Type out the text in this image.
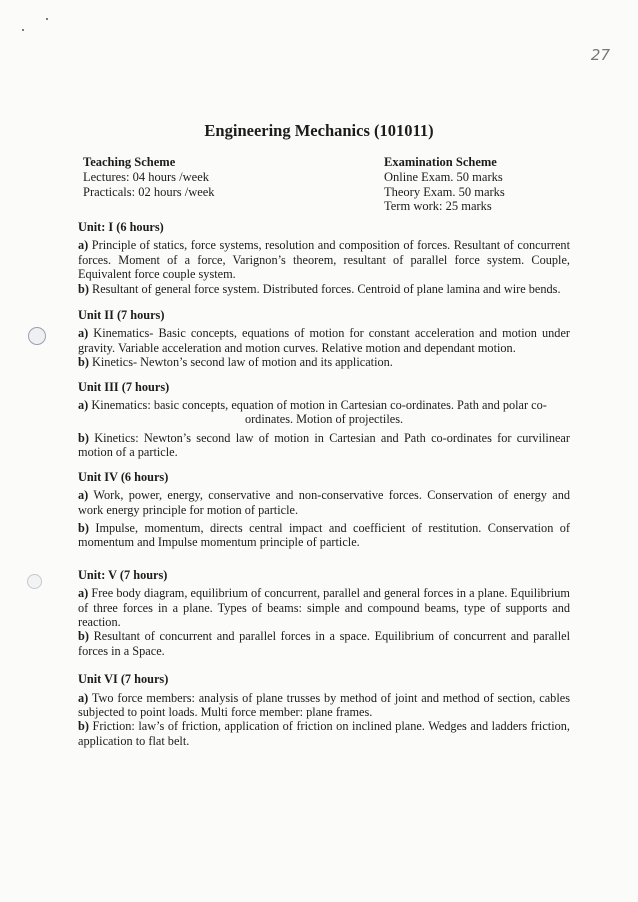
27
Engineering Mechanics (101011)
Teaching Scheme
Lectures: 04 hours /week
Practicals: 02 hours /week
Examination Scheme
Online Exam. 50 marks
Theory Exam. 50 marks
Term work: 25 marks
Unit: I (6 hours)

a) Principle of statics, force systems, resolution and composition of forces. Resultant of concurrent forces. Moment of a force, Varignon’s theorem, resultant of parallel force system. Couple, Equivalent force couple system.

b) Resultant of general force system. Distributed forces. Centroid of plane lamina and wire bends.

Unit II (7 hours)

a) Kinematics- Basic concepts, equations of motion for constant acceleration and motion under gravity. Variable acceleration and motion curves. Relative motion and dependant motion.

b) Kinetics- Newton’s second law of motion and its application.

Unit III (7 hours)

a) Kinematics: basic concepts, equation of motion in Cartesian co-ordinates. Path and polar co-

ordinates. Motion of projectiles.

b) Kinetics: Newton’s second law of motion in Cartesian and Path co-ordinates for curvilinear motion of a particle.

Unit IV (6 hours)

a) Work, power, energy, conservative and non-conservative forces. Conservation of energy and work energy principle for motion of particle.

b) Impulse, momentum, directs central impact and coefficient of restitution. Conservation of momentum and Impulse momentum principle of particle.

Unit: V (7 hours)

a) Free body diagram, equilibrium of concurrent, parallel and general forces in a plane. Equilibrium of three forces in a plane. Types of beams: simple and compound beams, type of supports and reaction.

b) Resultant of concurrent and parallel forces in a space. Equilibrium of concurrent and parallel forces in a Space.

Unit VI (7 hours)

a) Two force members: analysis of plane trusses by method of joint and method of section, cables subjected to point loads. Multi force member: plane frames.

b) Friction: law’s of friction, application of friction on inclined plane. Wedges and ladders friction, application to flat belt.
